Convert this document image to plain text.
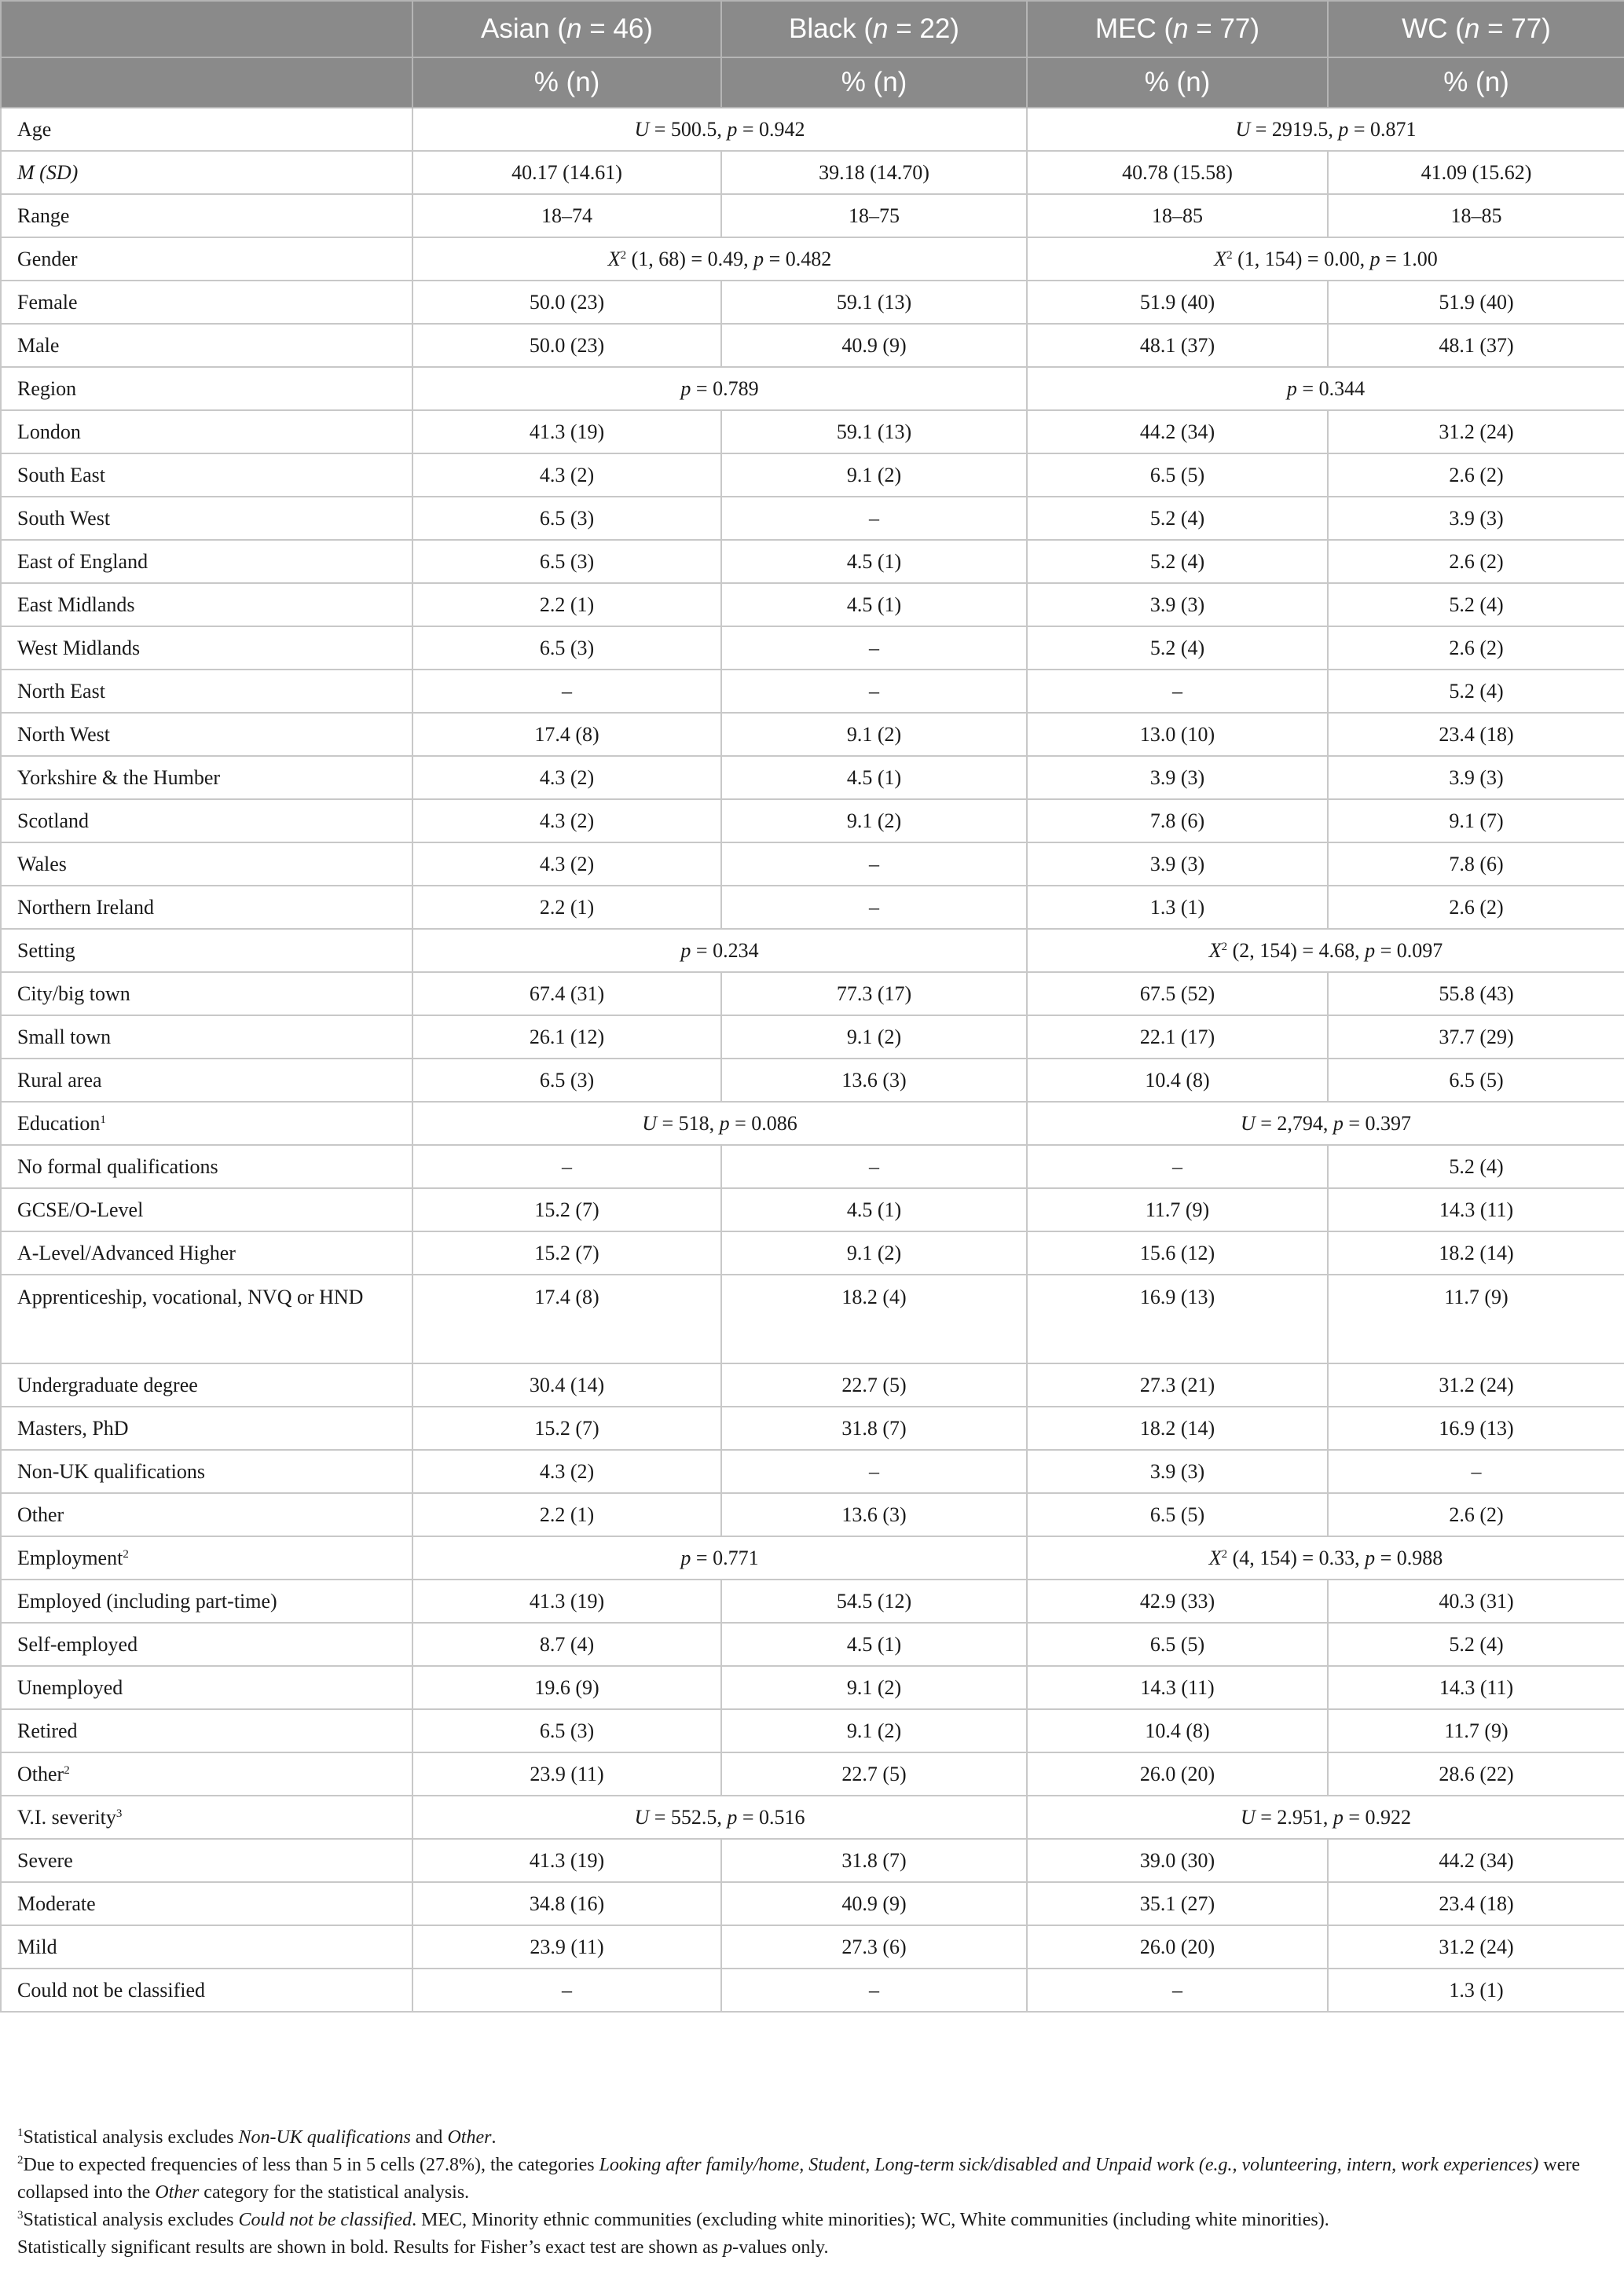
	Asian (n = 46)	Black (n = 22)	MEC (n = 77)	WC (n = 77)
	% (n)	% (n)	% (n)	% (n)
Age	U = 500.5, p = 0.942		U = 2919.5, p = 0.871	
M (SD)	40.17 (14.61)	39.18 (14.70)	40.78 (15.58)	41.09 (15.62)
Range	18–74	18–75	18–85	18–85
Gender	$X^2$ (1, 68) = 0.49, p = 0.482		$X^2$ (1, 154) = 0.00, p = 1.00	
Female	50.0 (23)	59.1 (13)	51.9 (40)	51.9 (40)
Male	50.0 (23)	40.9 (9)	48.1 (37)	48.1 (37)
Region	p = 0.789		p = 0.344	
London	41.3 (19)	59.1 (13)	44.2 (34)	31.2 (24)
South East	4.3 (2)	9.1 (2)	6.5 (5)	2.6 (2)
South West	6.5 (3)	–	5.2 (4)	3.9 (3)
East of England	6.5 (3)	4.5 (1)	5.2 (4)	2.6 (2)
East Midlands	2.2 (1)	4.5 (1)	3.9 (3)	5.2 (4)
West Midlands	6.5 (3)	–	5.2 (4)	2.6 (2)
North East	–	–	–	5.2 (4)
North West	17.4 (8)	9.1 (2)	13.0 (10)	23.4 (18)
Yorkshire & the Humber	4.3 (2)	4.5 (1)	3.9 (3)	3.9 (3)
Scotland	4.3 (2)	9.1 (2)	7.8 (6)	9.1 (7)
Wales	4.3 (2)	–	3.9 (3)	7.8 (6)
Northern Ireland	2.2 (1)	–	1.3 (1)	2.6 (2)
Setting	p = 0.234		$X^2$ (2, 154) = 4.68, p = 0.097	
City/big town	67.4 (31)	77.3 (17)	67.5 (52)	55.8 (43)
Small town	26.1 (12)	9.1 (2)	22.1 (17)	37.7 (29)
Rural area	6.5 (3)	13.6 (3)	10.4 (8)	6.5 (5)
Education$^1$	U = 518, p = 0.086		U = 2,794, p = 0.397	
No formal qualifications	–	–	–	5.2 (4)
GCSE/O-Level	15.2 (7)	4.5 (1)	11.7 (9)	14.3 (11)
A-Level/Advanced Higher	15.2 (7)	9.1 (2)	15.6 (12)	18.2 (14)
Apprenticeship, vocational, NVQ or HND	17.4 (8)	18.2 (4)	16.9 (13)	11.7 (9)
Undergraduate degree	30.4 (14)	22.7 (5)	27.3 (21)	31.2 (24)
Masters, PhD	15.2 (7)	31.8 (7)	18.2 (14)	16.9 (13)
Non-UK qualifications	4.3 (2)	–	3.9 (3)	–
Other	2.2 (1)	13.6 (3)	6.5 (5)	2.6 (2)
Employment$^2$	p = 0.771		$X^2$ (4, 154) = 0.33, p = 0.988	
Employed (including part-time)	41.3 (19)	54.5 (12)	42.9 (33)	40.3 (31)
Self-employed	8.7 (4)	4.5 (1)	6.5 (5)	5.2 (4)
Unemployed	19.6 (9)	9.1 (2)	14.3 (11)	14.3 (11)
Retired	6.5 (3)	9.1 (2)	10.4 (8)	11.7 (9)
Other$^2$	23.9 (11)	22.7 (5)	26.0 (20)	28.6 (22)
V.I. severity$^3$	U = 552.5, p = 0.516		U = 2.951, p = 0.922	
Severe	41.3 (19)	31.8 (7)	39.0 (30)	44.2 (34)
Moderate	34.8 (16)	40.9 (9)	35.1 (27)	23.4 (18)
Mild	23.9 (11)	27.3 (6)	26.0 (20)	31.2 (24)
Could not be classified	–	–	–	1.3 (1)

$^1$Statistical analysis excludes Non-UK qualifications and Other.

$^2$Due to expected frequencies of less than 5 in 5 cells (27.8%), the categories Looking after family/home, Student, Long-term sick/disabled and Unpaid work (e.g., volunteering, intern, work experiences) were collapsed into the Other category for the statistical analysis.

$^3$Statistical analysis excludes Could not be classified. MEC, Minority ethnic communities (excluding white minorities); WC, White communities (including white minorities).

Statistically significant results are shown in bold. Results for Fisher’s exact test are shown as p-values only.
